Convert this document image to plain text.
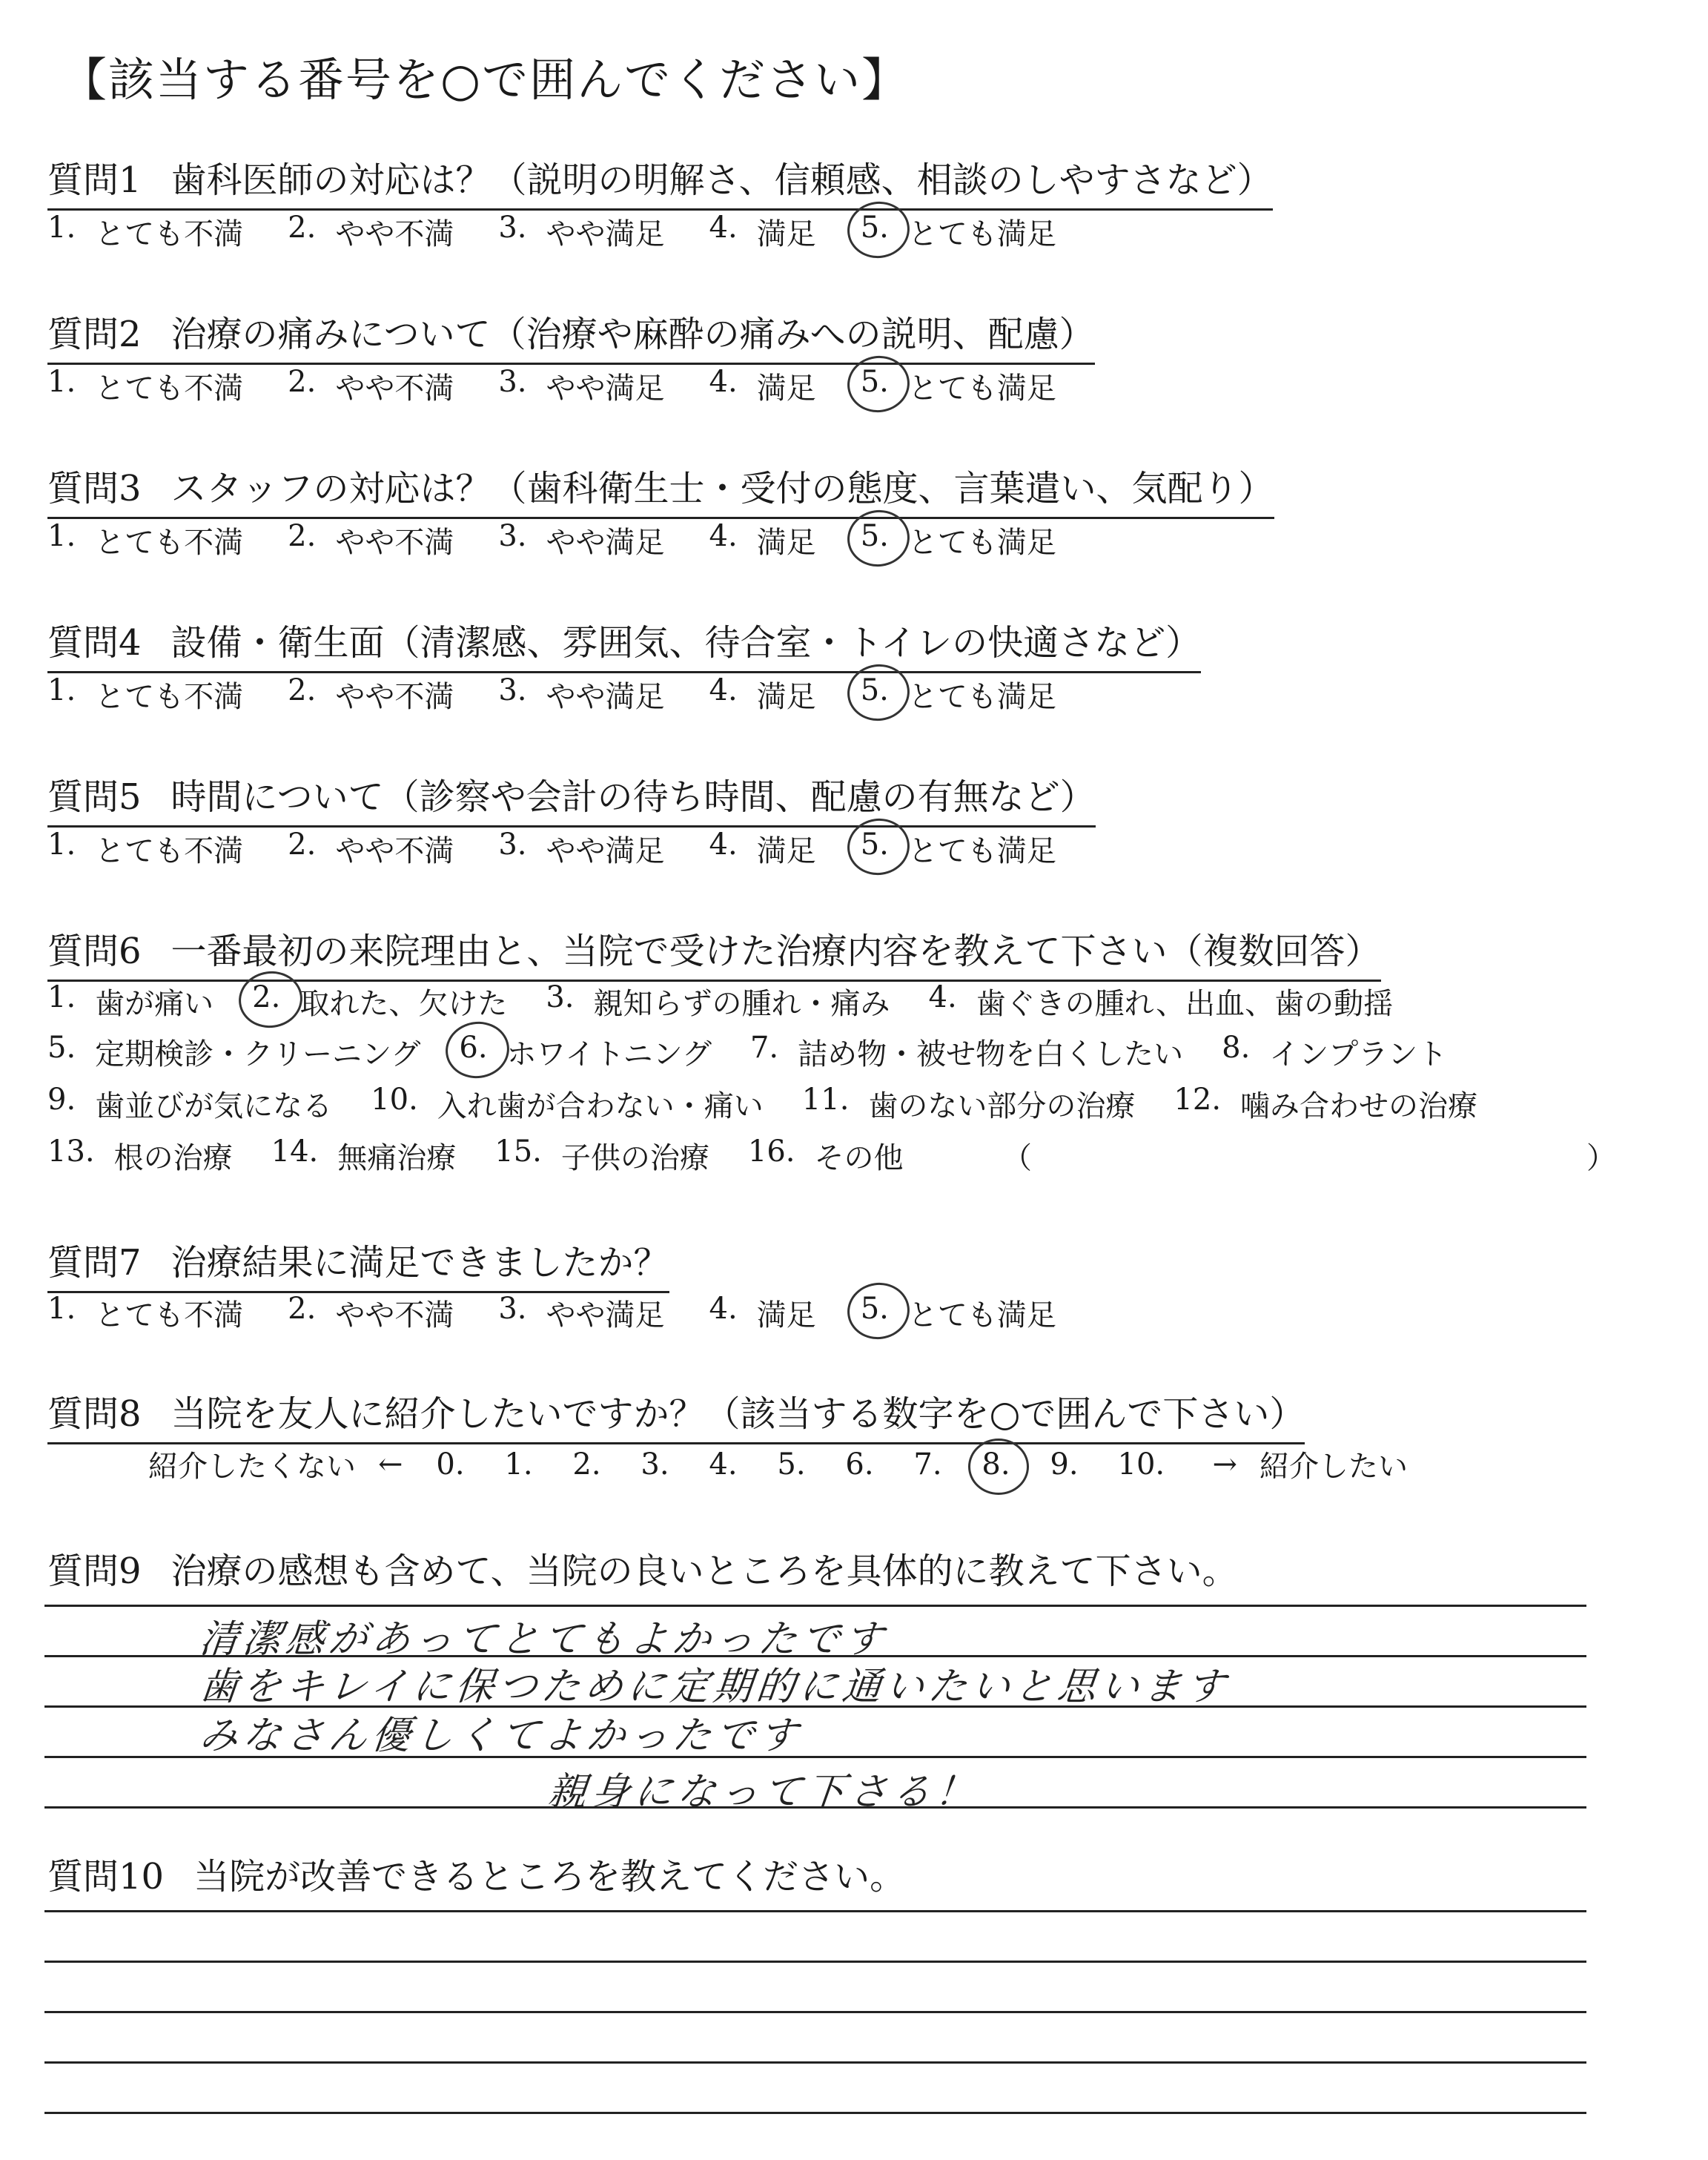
【該当する番号を○で囲んでください】
質問1 歯科医師の対応は？（説明の明解さ、信頼感、相談のしやすさなど）
1. とても不満 2. やや不満 3. やや満足 4. 満足 5. とても満足
質問2 治療の痛みについて（治療や麻酔の痛みへの説明、配慮）
1. とても不満 2. やや不満 3. やや満足 4. 満足 5. とても満足
質問3 スタッフの対応は？（歯科衛生士・受付の態度、言葉遣い、気配り）
1. とても不満 2. やや不満 3. やや満足 4. 満足 5. とても満足
質問4 設備・衛生面（清潔感、雰囲気、待合室・トイレの快適さなど）
1. とても不満 2. やや不満 3. やや満足 4. 満足 5. とても満足
質問5 時間について（診察や会計の待ち時間、配慮の有無など）
1. とても不満 2. やや不満 3. やや満足 4. 満足 5. とても満足
質問6 一番最初の来院理由と、当院で受けた治療内容を教えて下さい（複数回答）
1. 歯が痛い 2. 取れた、欠けた 3. 親知らずの腫れ・痛み 4. 歯ぐきの腫れ、出血、歯の動揺
5. 定期検診・クリーニング 6. ホワイトニング 7. 詰め物・被せ物を白くしたい 8. インプラント
9. 歯並びが気になる 10. 入れ歯が合わない・痛い 11. 歯のない部分の治療 12. 噛み合わせの治療
13. 根の治療 14. 無痛治療 15. 子供の治療 16. その他	（	）
質問7 治療結果に満足できましたか？
1. とても不満 2. やや不満 3. やや満足 4. 満足 5. とても満足
質問8 当院を友人に紹介したいですか？（該当する数字を○で囲んで下さい）
紹介したくない ← 0. 1. 2. 3. 4. 5. 6. 7. 8. 9. 10. → 紹介したい
質問9 治療の感想も含めて、当院の良いところを具体的に教えて下さい。
清潔感があってとてもよかったです
歯をキレイに保つために定期的に通いたいと思います
みなさん優しくてよかったです
親身になって下さる！
質問10 当院が改善できるところを教えてください。
